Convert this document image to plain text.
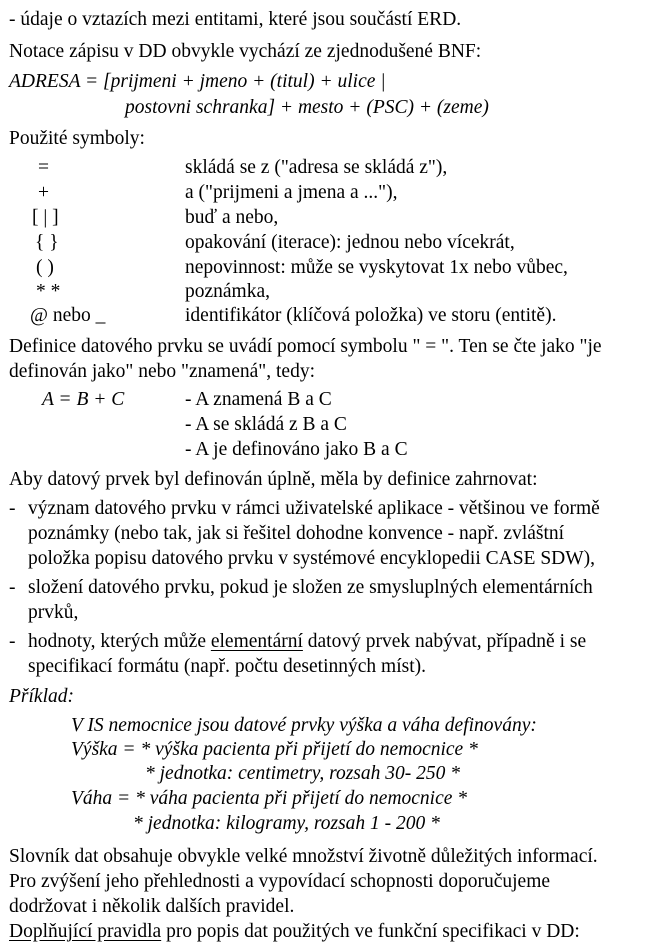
- údaje o vztazích mezi entitami, které jsou součástí ERD.
Notace zápisu v DD obvykle vychází ze zjednodušené BNF:
ADRESA = [prijmeni + jmeno + (titul) + ulice |
postovni schranka] + mesto + (PSC) + (zeme)
Použité symboly:
=	skládá se z ("adresa se skládá z"),
+	a ("prijmeni a jmena a ..."),
[ | ]	buď a nebo,
{ }	opakování (iterace): jednou nebo vícekrát,
( )	nepovinnost: může se vyskytovat 1x nebo vůbec,
* *	poznámka,
@ nebo _	identifikátor (klíčová položka) ve storu (entitě).
Definice datového prvku se uvádí pomocí symbolu " = ". Ten se čte jako "je
definován jako" nebo "znamená", tedy:
A = B + C	- A znamená B a C
- A se skládá z B a C
- A je definováno jako B a C
Aby datový prvek byl definován úplně, měla by definice zahrnovat:
- význam datového prvku v rámci uživatelské aplikace - většinou ve formě
poznámky (nebo tak, jak si řešitel dohodne konvence - např. zvláštní
položka popisu datového prvku v systémové encyklopedii CASE SDW),
- složení datového prvku, pokud je složen ze smysluplných elementárních
prvků,
- hodnoty, kterých může elementární datový prvek nabývat, případně i se
specifikací formátu (např. počtu desetinných míst).
Příklad:
V IS nemocnice jsou datové prvky výška a váha definovány:
Výška = * výška pacienta při přijetí do nemocnice *
* jednotka: centimetry, rozsah 30- 250 *
Váha = * váha pacienta při přijetí do nemocnice *
* jednotka: kilogramy, rozsah 1 - 200 *
Slovník dat obsahuje obvykle velké množství životně důležitých informací.
Pro zvýšení jeho přehlednosti a vypovídací schopnosti doporučujeme
dodržovat i několik dalších pravidel.
Doplňující pravidla pro popis dat použitých ve funkční specifikaci v DD:
